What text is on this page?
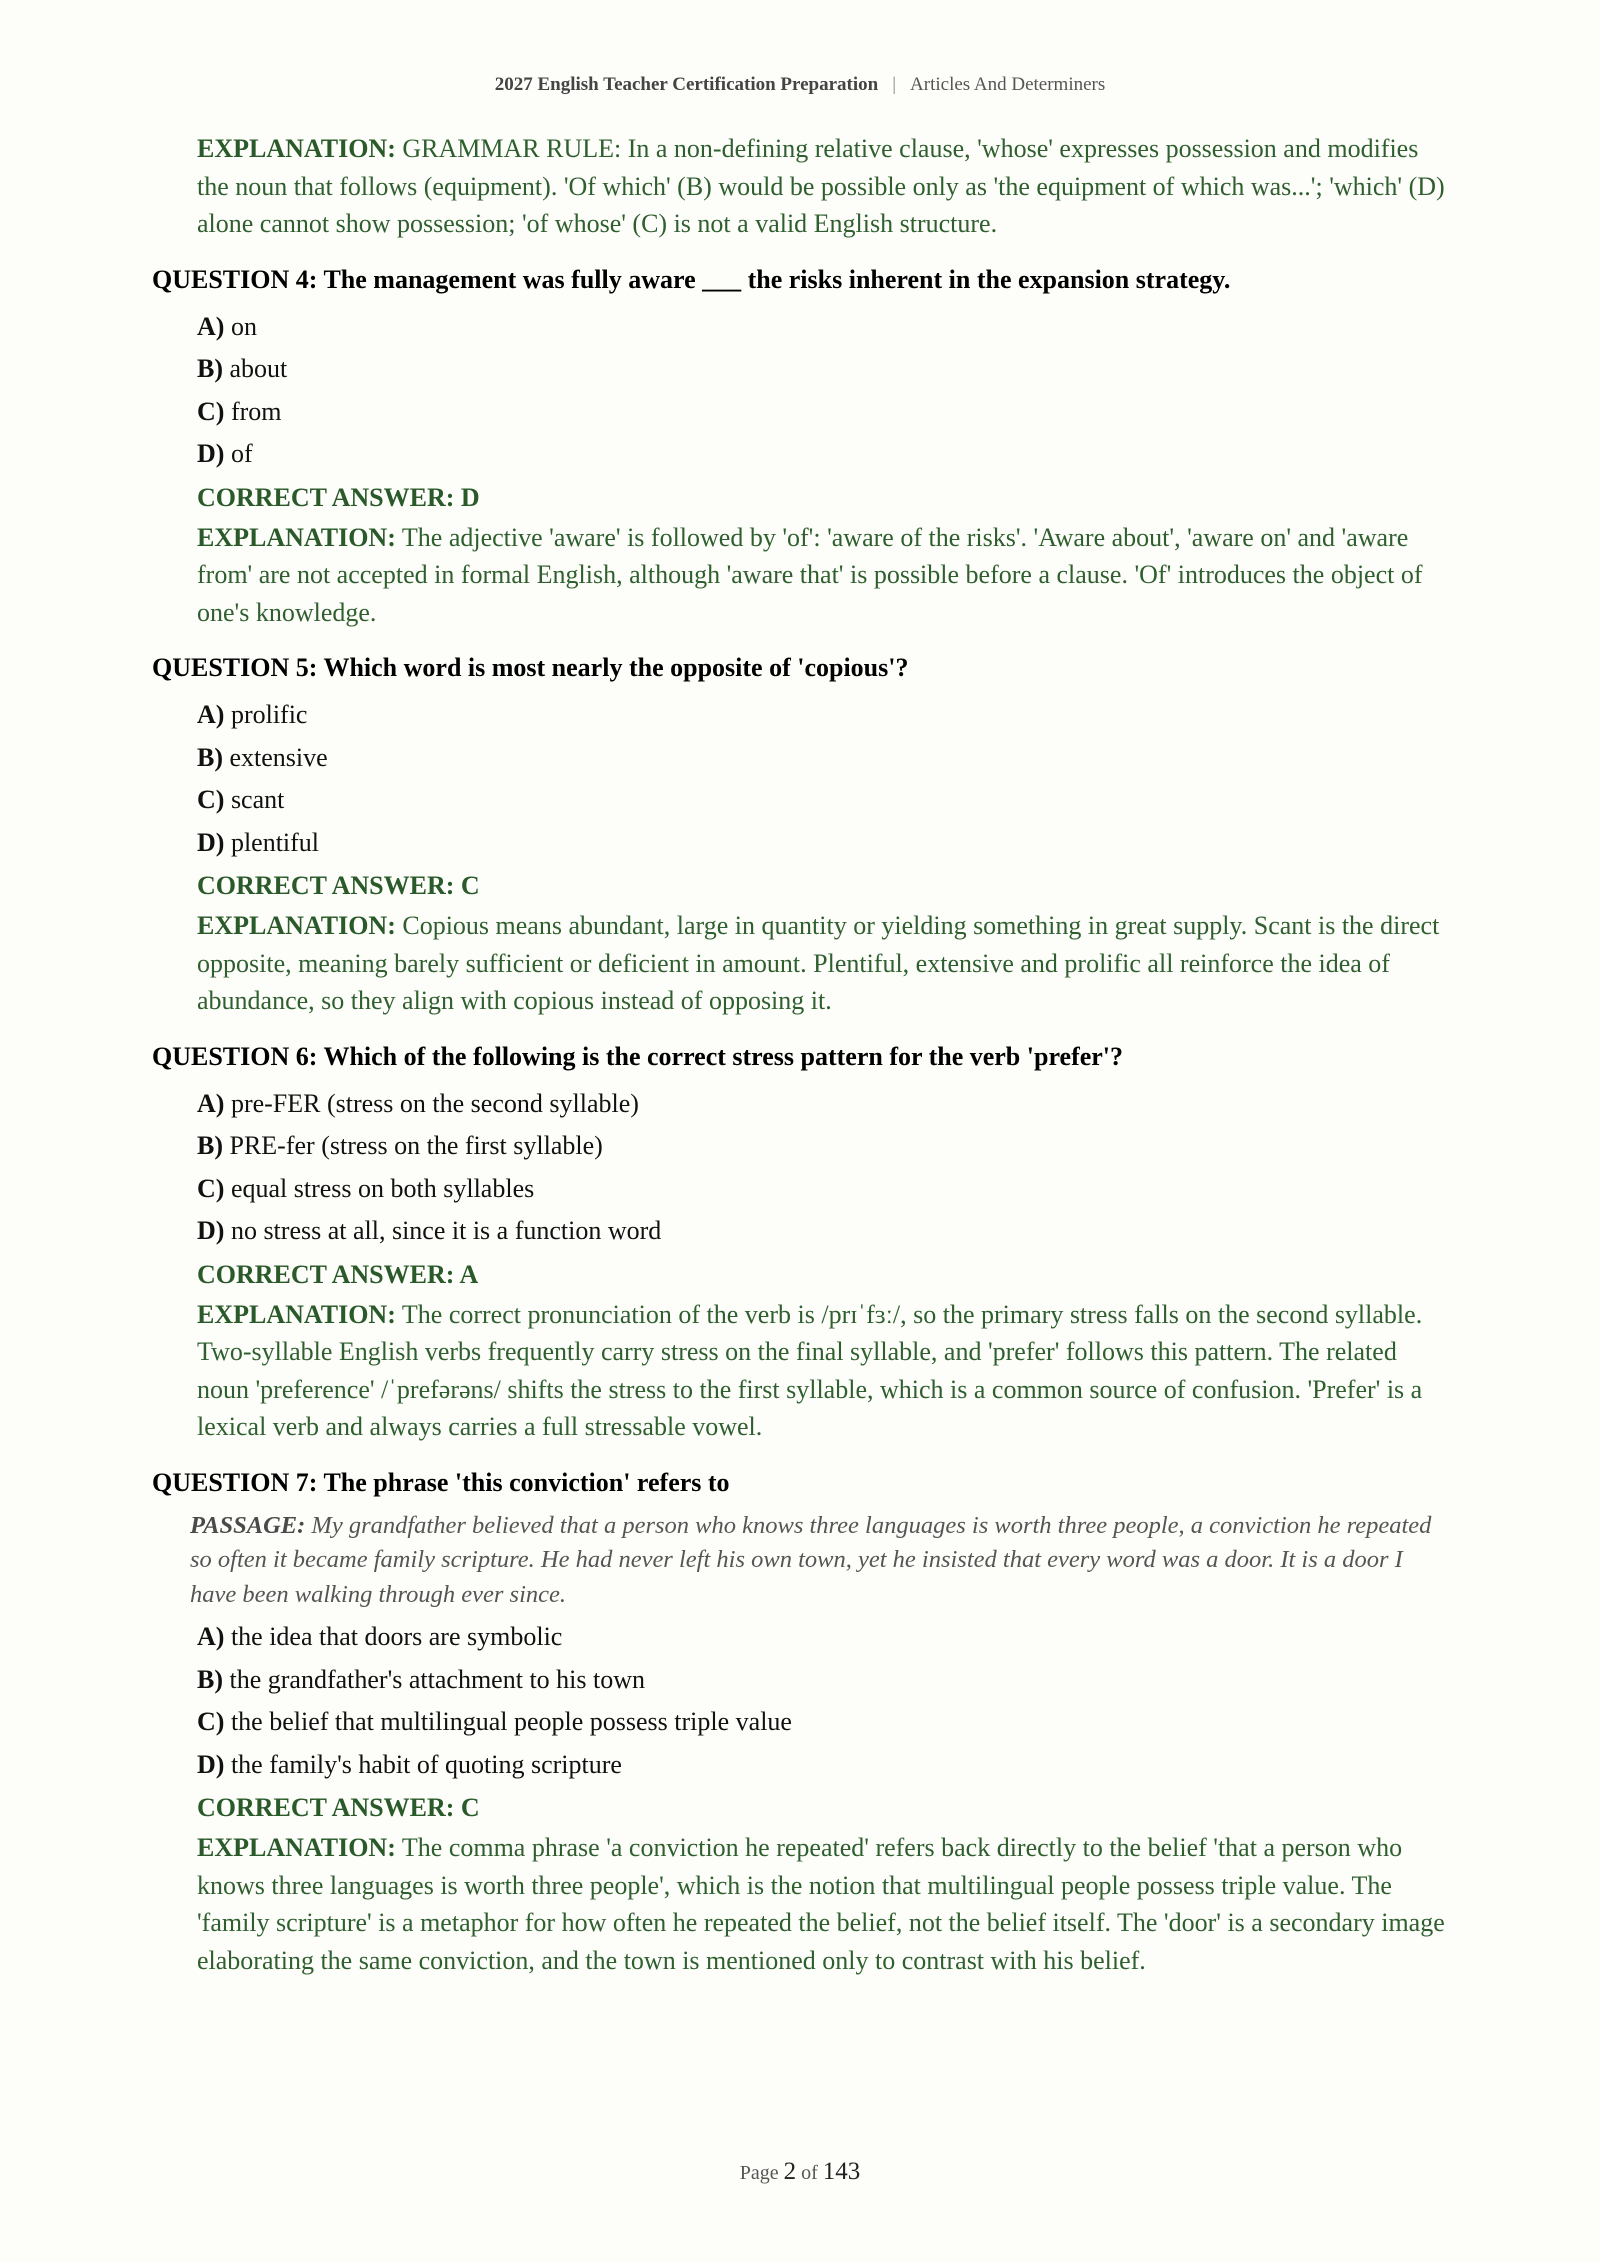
2027 English Teacher Certification Preparation | Articles And Determiners
EXPLANATION: GRAMMAR RULE: In a non-defining relative clause, 'whose' expresses possession and modifies the noun that follows (equipment). 'Of which' (B) would be possible only as 'the equipment of which was...'; 'which' (D) alone cannot show possession; 'of whose' (C) is not a valid English structure.
QUESTION 4: The management was fully aware ___ the risks inherent in the expansion strategy.
A) on
B) about
C) from
D) of
CORRECT ANSWER: D
EXPLANATION: The adjective 'aware' is followed by 'of': 'aware of the risks'. 'Aware about', 'aware on' and 'aware from' are not accepted in formal English, although 'aware that' is possible before a clause. 'Of' introduces the object of one's knowledge.
QUESTION 5: Which word is most nearly the opposite of 'copious'?
A) prolific
B) extensive
C) scant
D) plentiful
CORRECT ANSWER: C
EXPLANATION: Copious means abundant, large in quantity or yielding something in great supply. Scant is the direct opposite, meaning barely sufficient or deficient in amount. Plentiful, extensive and prolific all reinforce the idea of abundance, so they align with copious instead of opposing it.
QUESTION 6: Which of the following is the correct stress pattern for the verb 'prefer'?
A) pre-FER (stress on the second syllable)
B) PRE-fer (stress on the first syllable)
C) equal stress on both syllables
D) no stress at all, since it is a function word
CORRECT ANSWER: A
EXPLANATION: The correct pronunciation of the verb is /prɪˈfɜː/, so the primary stress falls on the second syllable. Two-syllable English verbs frequently carry stress on the final syllable, and 'prefer' follows this pattern. The related noun 'preference' /ˈprefərəns/ shifts the stress to the first syllable, which is a common source of confusion. 'Prefer' is a lexical verb and always carries a full stressable vowel.
QUESTION 7: The phrase 'this conviction' refers to
PASSAGE: My grandfather believed that a person who knows three languages is worth three people, a conviction he repeated so often it became family scripture. He had never left his own town, yet he insisted that every word was a door. It is a door I have been walking through ever since.
A) the idea that doors are symbolic
B) the grandfather's attachment to his town
C) the belief that multilingual people possess triple value
D) the family's habit of quoting scripture
CORRECT ANSWER: C
EXPLANATION: The comma phrase 'a conviction he repeated' refers back directly to the belief 'that a person who knows three languages is worth three people', which is the notion that multilingual people possess triple value. The 'family scripture' is a metaphor for how often he repeated the belief, not the belief itself. The 'door' is a secondary image elaborating the same conviction, and the town is mentioned only to contrast with his belief.
Page 2 of 143
